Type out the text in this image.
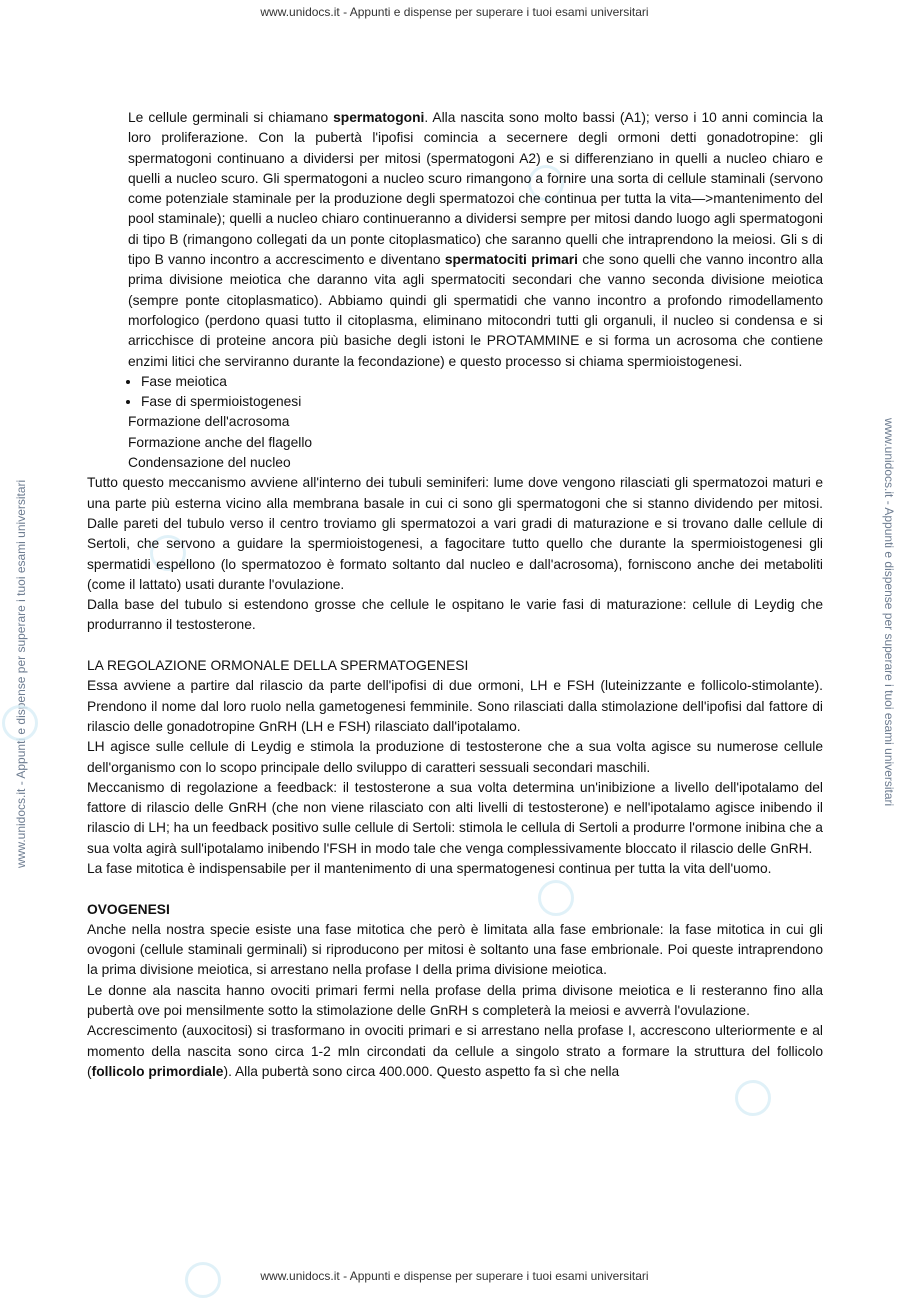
www.unidocs.it - Appunti e dispense per superare i tuoi esami universitari
www.unidocs.it - Appunti e dispense per superare i tuoi esami universitari	www.unidocs.it - Appunti e dispense per superare i tuoi esami universitari

Le cellule germinali si chiamano spermatogoni. Alla nascita sono molto bassi (A1); verso i 10 anni comincia la loro proliferazione. Con la pubertà l'ipofisi comincia a secernere degli ormoni detti gonadotropine: gli spermatogoni continuano a dividersi per mitosi (spermatogoni A2) e si differenziano in quelli a nucleo chiaro e quelli a nucleo scuro. Gli spermatogoni a nucleo scuro rimangono a fornire una sorta di cellule staminali (servono come potenziale staminale per la produzione degli spermatozoi che continua per tutta la vita—>mantenimento del pool staminale); quelli a nucleo chiaro continueranno a dividersi sempre per mitosi dando luogo agli spermatogoni di tipo B (rimangono collegati da un ponte citoplasmatico) che saranno quelli che intraprendono la meiosi. Gli s di tipo B vanno incontro a accrescimento e diventano spermatociti primari che sono quelli che vanno incontro alla prima divisione meiotica che daranno vita agli spermatociti secondari che vanno seconda divisione meiotica (sempre ponte citoplasmatico). Abbiamo quindi gli spermatidi che vanno incontro a profondo rimodellamento morfologico (perdono quasi tutto il citoplasma, eliminano mitocondri tutti gli organuli, il nucleo si condensa e si arricchisce di proteine ancora più basiche degli istoni le PROTAMMINE e si forma un acrosoma che contiene enzimi litici che serviranno durante la fecondazione) e questo processo si chiama spermioistogenesi.

• Fase meiotica
• Fase di spermioistogenesi

Formazione dell'acrosoma

Formazione anche del flagello

Condensazione del nucleo

Tutto questo meccanismo avviene all'interno dei tubuli seminiferi: lume dove vengono rilasciati gli spermatozoi maturi e una parte più esterna vicino alla membrana basale in cui ci sono gli spermatogoni che si stanno dividendo per mitosi. Dalle pareti del tubulo verso il centro troviamo gli spermatozoi a vari gradi di maturazione e si trovano dalle cellule di Sertoli, che servono a guidare la spermioistogenesi, a fagocitare tutto quello che durante la spermioistogenesi gli spermatidi espellono (lo spermatozoo è formato soltanto dal nucleo e dall'acrosoma), forniscono anche dei metaboliti (come il lattato) usati durante l'ovulazione.

Dalla base del tubulo si estendono grosse che cellule le ospitano le varie fasi di maturazione: cellule di Leydig che produrranno il testosterone.

LA REGOLAZIONE ORMONALE DELLA SPERMATOGENESI

Essa avviene a partire dal rilascio da parte dell'ipofisi di due ormoni, LH e FSH (luteinizzante e follicolo-stimolante). Prendono il nome dal loro ruolo nella gametogenesi femminile. Sono rilasciati dalla stimolazione dell'ipofisi dal fattore di rilascio delle gonadotropine GnRH (LH e FSH) rilasciato dall'ipotalamo.

LH agisce sulle cellule di Leydig e stimola la produzione di testosterone che a sua volta agisce su numerose cellule dell'organismo con lo scopo principale dello sviluppo di caratteri sessuali secondari maschili.

Meccanismo di regolazione a feedback: il testosterone a sua volta determina un'inibizione a livello dell'ipotalamo del fattore di rilascio delle GnRH (che non viene rilasciato con alti livelli di testosterone) e nell'ipotalamo agisce inibendo il rilascio di LH; ha un feedback positivo sulle cellule di Sertoli: stimola le cellula di Sertoli a produrre l'ormone inibina che a sua volta agirà sull'ipotalamo inibendo l'FSH in modo tale che venga complessivamente bloccato il rilascio delle GnRH.

La fase mitotica è indispensabile per il mantenimento di una spermatogenesi continua per tutta la vita dell'uomo.

OVOGENESI

Anche nella nostra specie esiste una fase mitotica che però è limitata alla fase embrionale: la fase mitotica in cui gli ovogoni (cellule staminali germinali) si riproducono per mitosi è soltanto una fase embrionale. Poi queste intraprendono la prima divisione meiotica, si arrestano nella profase I della prima divisione meiotica.

Le donne ala nascita hanno ovociti primari fermi nella profase della prima divisone meiotica e li resteranno fino alla pubertà ove poi mensilmente sotto la stimolazione delle GnRH s completerà la meiosi e avverrà l'ovulazione.

Accrescimento (auxocitosi) si trasformano in ovociti primari e si arrestano nella profase I, accrescono ulteriormente e al momento della nascita sono circa 1-2 mln circondati da cellule a singolo strato a formare la struttura del follicolo (follicolo primordiale). Alla pubertà sono circa 400.000. Questo aspetto fa sì che nella

www.unidocs.it - Appunti e dispense per superare i tuoi esami universitari
